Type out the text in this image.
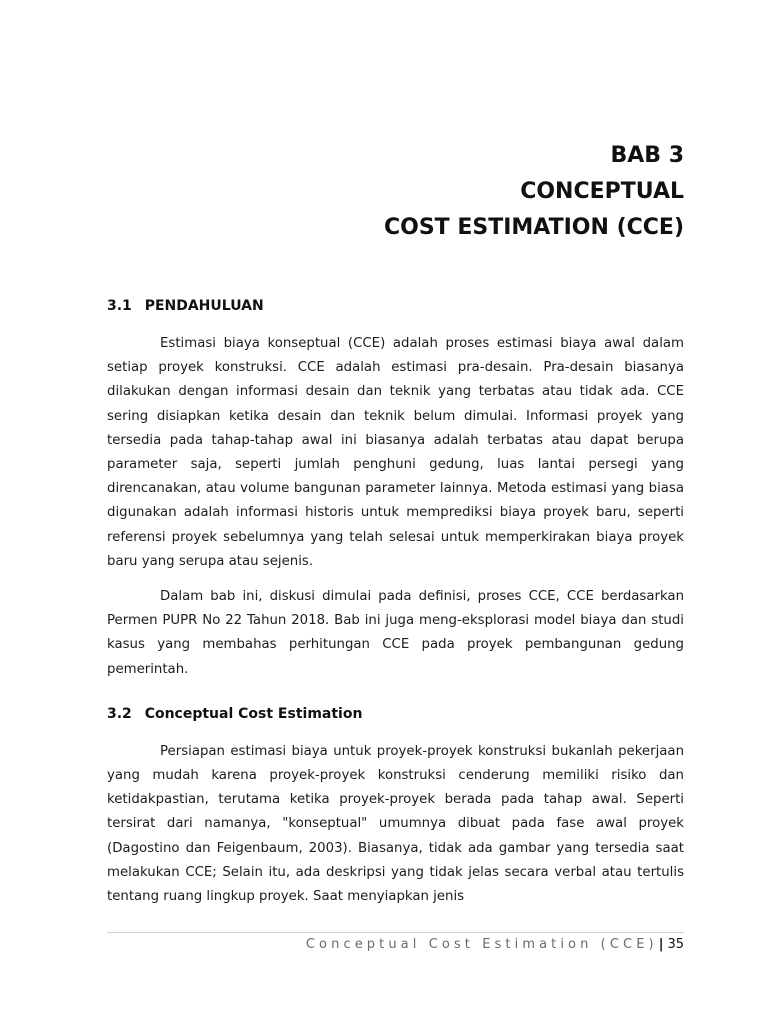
BAB 3
CONCEPTUAL
COST ESTIMATION (CCE)
3.1 PENDAHULUAN

Estimasi biaya konseptual (CCE) adalah proses estimasi biaya awal dalam setiap proyek konstruksi. CCE adalah estimasi pra-desain. Pra-desain biasanya dilakukan dengan informasi desain dan teknik yang terbatas atau tidak ada. CCE sering disiapkan ketika desain dan teknik belum dimulai. Informasi proyek yang tersedia pada tahap-tahap awal ini biasanya adalah terbatas atau dapat berupa parameter saja, seperti jumlah penghuni gedung, luas lantai persegi yang direncanakan, atau volume bangunan parameter lainnya. Metoda estimasi yang biasa digunakan adalah informasi historis untuk memprediksi biaya proyek baru, seperti referensi proyek sebelumnya yang telah selesai untuk memperkirakan biaya proyek baru yang serupa atau sejenis.

Dalam bab ini, diskusi dimulai pada definisi, proses CCE, CCE berdasarkan Permen PUPR No 22 Tahun 2018. Bab ini juga meng-eksplorasi model biaya dan studi kasus yang membahas perhitungan CCE pada proyek pembangunan gedung pemerintah.

3.2 Conceptual Cost Estimation

Persiapan estimasi biaya untuk proyek-proyek konstruksi bukanlah pekerjaan yang mudah karena proyek-proyek konstruksi cenderung memiliki risiko dan ketidakpastian, terutama ketika proyek-proyek berada pada tahap awal. Seperti tersirat dari namanya, "konseptual" umumnya dibuat pada fase awal proyek (Dagostino dan Feigenbaum, 2003). Biasanya, tidak ada gambar yang tersedia saat melakukan CCE; Selain itu, ada deskripsi yang tidak jelas secara verbal atau tertulis tentang ruang lingkup proyek. Saat menyiapkan jenis

Conceptual Cost Estimation (CCE)| 35
